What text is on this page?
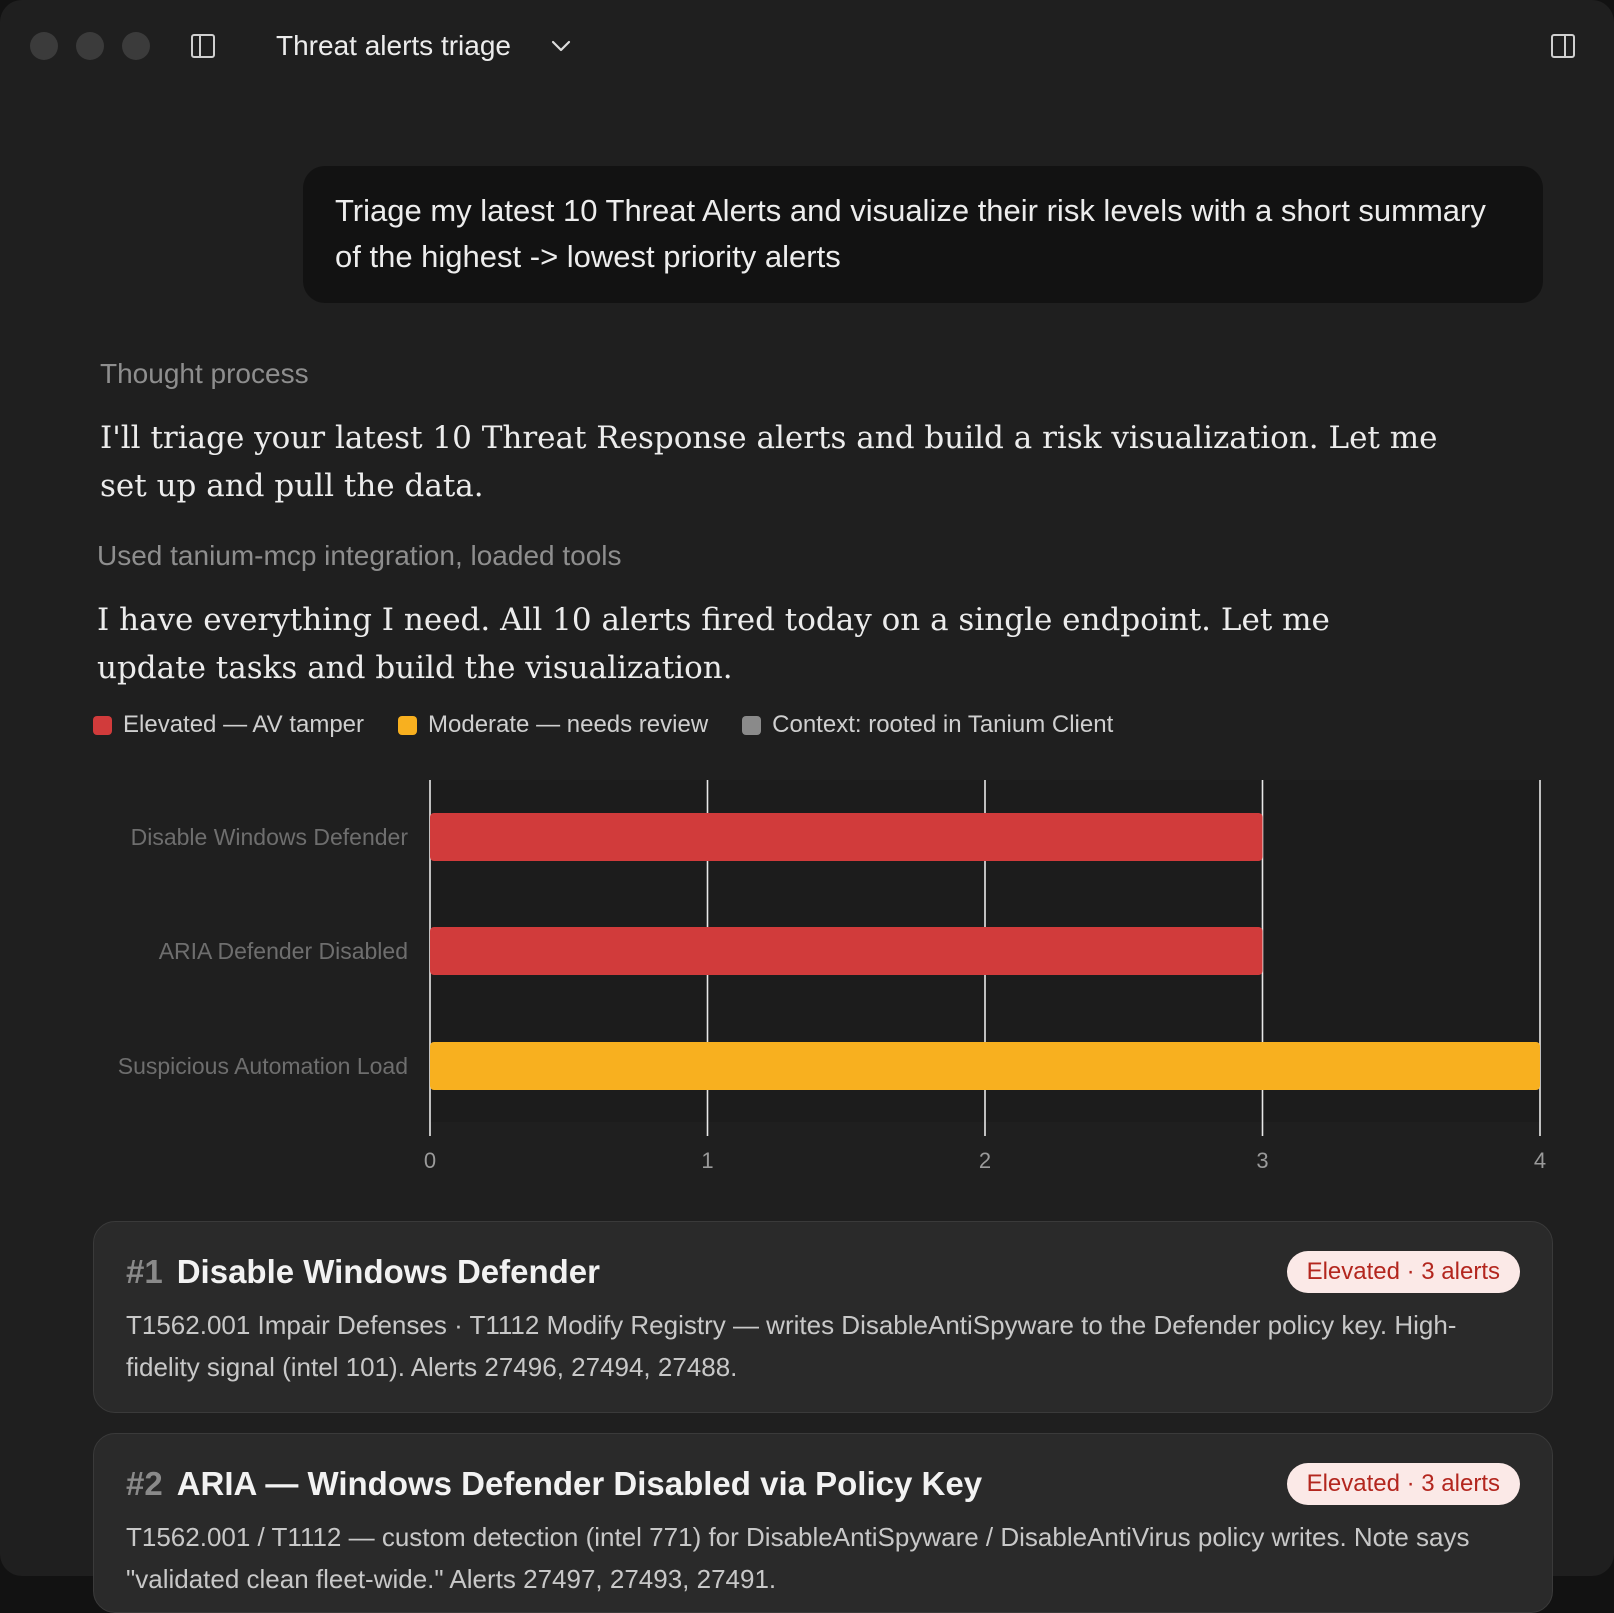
Threat alerts triage
Triage my latest 10 Threat Alerts and visualize their risk levels with a short summary of the highest -> lowest priority alerts
Thought process
I'll triage your latest 10 Threat Response alerts and build a risk visualization. Let me set up and pull the data.
Used tanium-mcp integration, loaded tools
I have everything I need. All 10 alerts fired today on a single endpoint. Let me update tasks and build the visualization.
Elevated — AV tamper	Moderate — needs review	Context: rooted in Tanium Client
0	1	2	3	4
Disable Windows Defender
ARIA Defender Disabled
Suspicious Automation Load
#1 Disable Windows Defender	Elevated · 3 alerts
T1562.001 Impair Defenses · T1112 Modify Registry — writes DisableAntiSpyware to the Defender policy key. High-fidelity signal (intel 101). Alerts 27496, 27494, 27488.
#2 ARIA — Windows Defender Disabled via Policy Key	Elevated · 3 alerts
T1562.001 / T1112 — custom detection (intel 771) for DisableAntiSpyware / DisableAntiVirus policy writes. Note says "validated clean fleet-wide." Alerts 27497, 27493, 27491.
